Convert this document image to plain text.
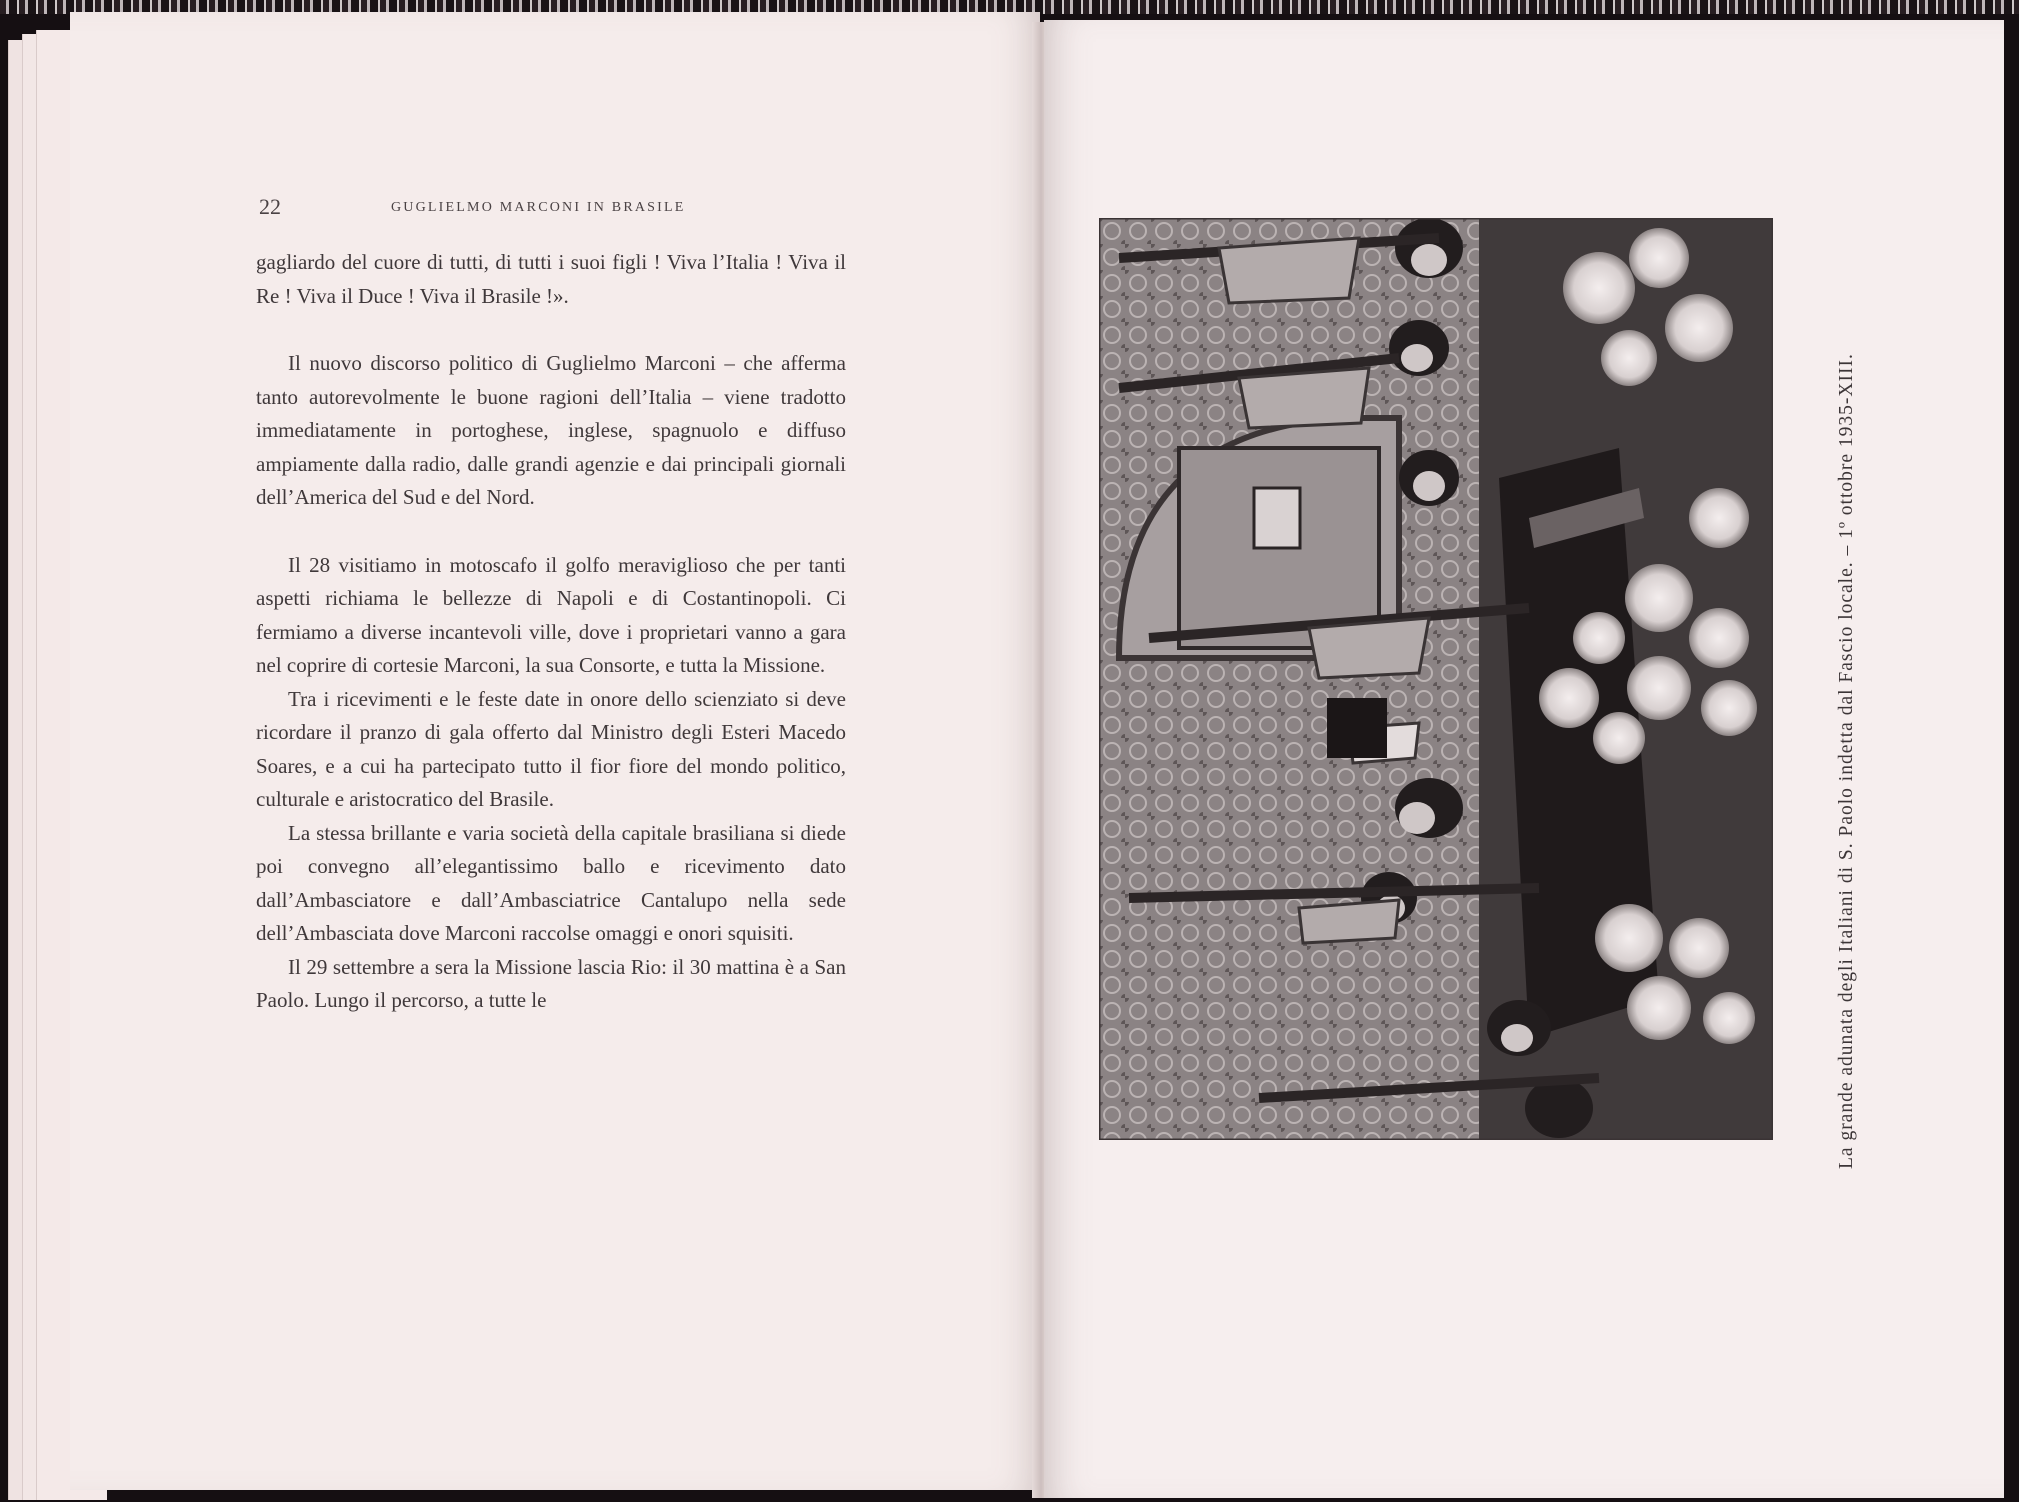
22	GUGLIELMO MARCONI IN BRASILE

gagliardo del cuore di tutti, di tutti i suoi figli ! Viva l’Italia ! Viva il Re ! Viva il Duce ! Viva il Brasile !».

Il nuovo discorso politico di Guglielmo Marconi – che afferma tanto autorevolmente le buone ragioni dell’Italia – viene tradotto immediatamente in portoghese, inglese, spagnuolo e diffuso ampiamente dalla radio, dalle grandi agenzie e dai principali giornali dell’America del Sud e del Nord.

Il 28 visitiamo in motoscafo il golfo meraviglioso che per tanti aspetti richiama le bellezze di Napoli e di Costantinopoli. Ci fermiamo a diverse incantevoli ville, dove i proprietari vanno a gara nel coprire di cortesie Marconi, la sua Consorte, e tutta la Missione.

Tra i ricevimenti e le feste date in onore dello scienziato si deve ricordare il pranzo di gala offerto dal Ministro degli Esteri Macedo Soares, e a cui ha partecipato tutto il fior fiore del mondo politico, culturale e aristocratico del Brasile.

La stessa brillante e varia società della capitale brasiliana si diede poi convegno all’elegantissimo ballo e ricevimento dato dall’Ambasciatore e dall’Ambasciatrice Cantalupo nella sede dell’Ambasciata dove Marconi raccolse omaggi e onori squisiti.

Il 29 settembre a sera la Missione lascia Rio: il 30 mattina è a San Paolo. Lungo il percorso, a tutte le	La grande adunata degli Italiani di S. Paolo indetta dal Fascio locale. – 1º ottobre 1935-XIII.
